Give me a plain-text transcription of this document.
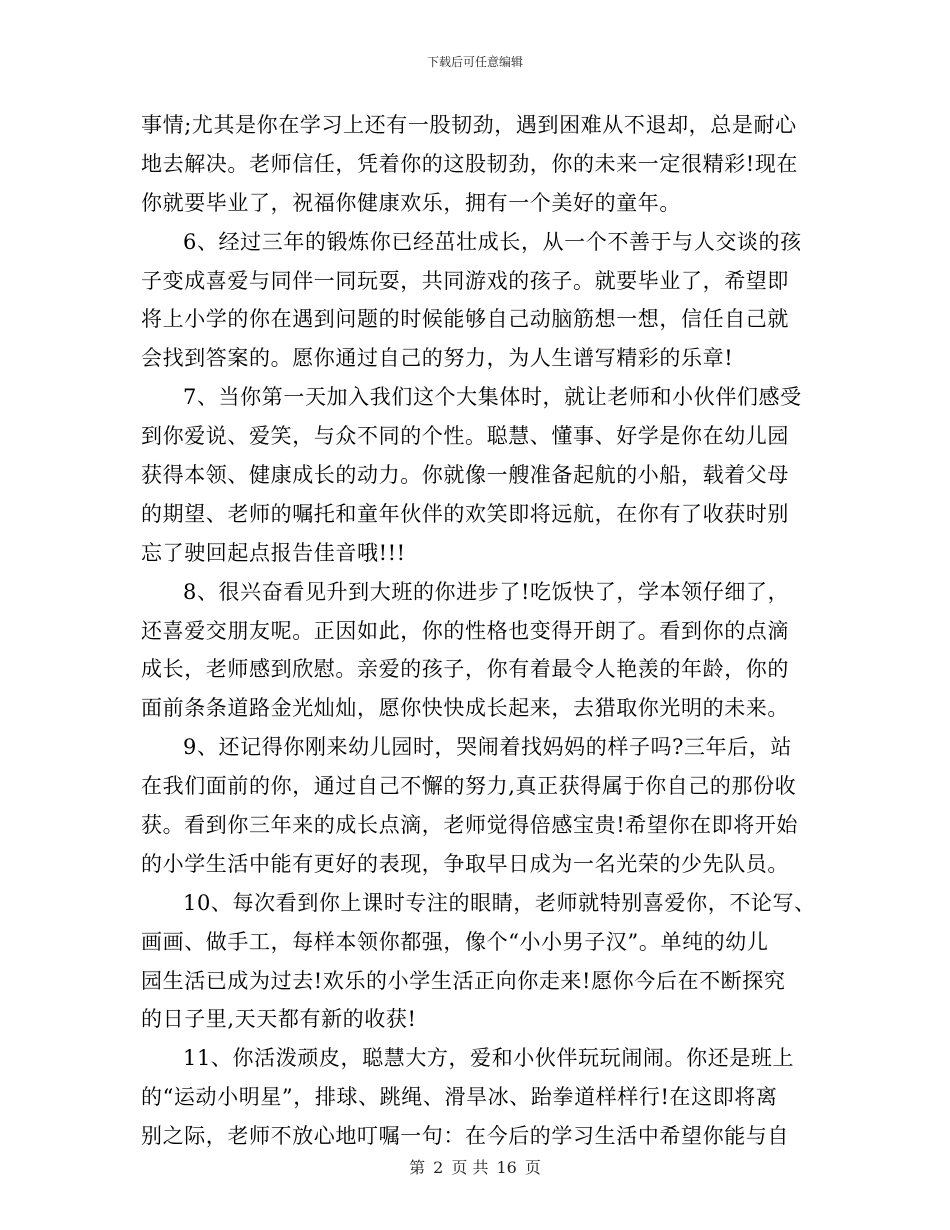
下载后可任意编辑
事情;尤其是你在学习上还有一股韧劲，遇到困难从不退却，总是耐心
地去解决。老师信任，凭着你的这股韧劲，你的未来一定很精彩!现在
你就要毕业了，祝福你健康欢乐，拥有一个美好的童年。
6、经过三年的锻炼你已经茁壮成长，从一个不善于与人交谈的孩
子变成喜爱与同伴一同玩耍，共同游戏的孩子。就要毕业了，希望即
将上小学的你在遇到问题的时候能够自己动脑筋想一想，信任自己就
会找到答案的。愿你通过自己的努力，为人生谱写精彩的乐章!
7、当你第一天加入我们这个大集体时，就让老师和小伙伴们感受
到你爱说、爱笑，与众不同的个性。聪慧、懂事、好学是你在幼儿园
获得本领、健康成长的动力。你就像一艘准备起航的小船，载着父母
的期望、老师的嘱托和童年伙伴的欢笑即将远航，在你有了收获时别
忘了驶回起点报告佳音哦!!!
8、很兴奋看见升到大班的你进步了!吃饭快了，学本领仔细了，
还喜爱交朋友呢。正因如此，你的性格也变得开朗了。看到你的点滴
成长，老师感到欣慰。亲爱的孩子，你有着最令人艳羡的年龄，你的
面前条条道路金光灿灿，愿你快快成长起来，去猎取你光明的未来。
9、还记得你刚来幼儿园时，哭闹着找妈妈的样子吗?三年后，站
在我们面前的你，通过自己不懈的努力,真正获得属于你自己的那份收
获。看到你三年来的成长点滴，老师觉得倍感宝贵!希望你在即将开始
的小学生活中能有更好的表现，争取早日成为一名光荣的少先队员。
10、每次看到你上课时专注的眼睛，老师就特别喜爱你，不论写、
画画、做手工，每样本领你都强，像个“小小男子汉”。单纯的幼儿
园生活已成为过去!欢乐的小学生活正向你走来!愿你今后在不断探究
的日子里,天天都有新的收获!
11、你活泼顽皮，聪慧大方，爱和小伙伴玩玩闹闹。你还是班上
的“运动小明星”，排球、跳绳、滑旱冰、跆拳道样样行!在这即将离
别之际，老师不放心地叮嘱一句：在今后的学习生活中希望你能与自
第 2 页 共 16 页
